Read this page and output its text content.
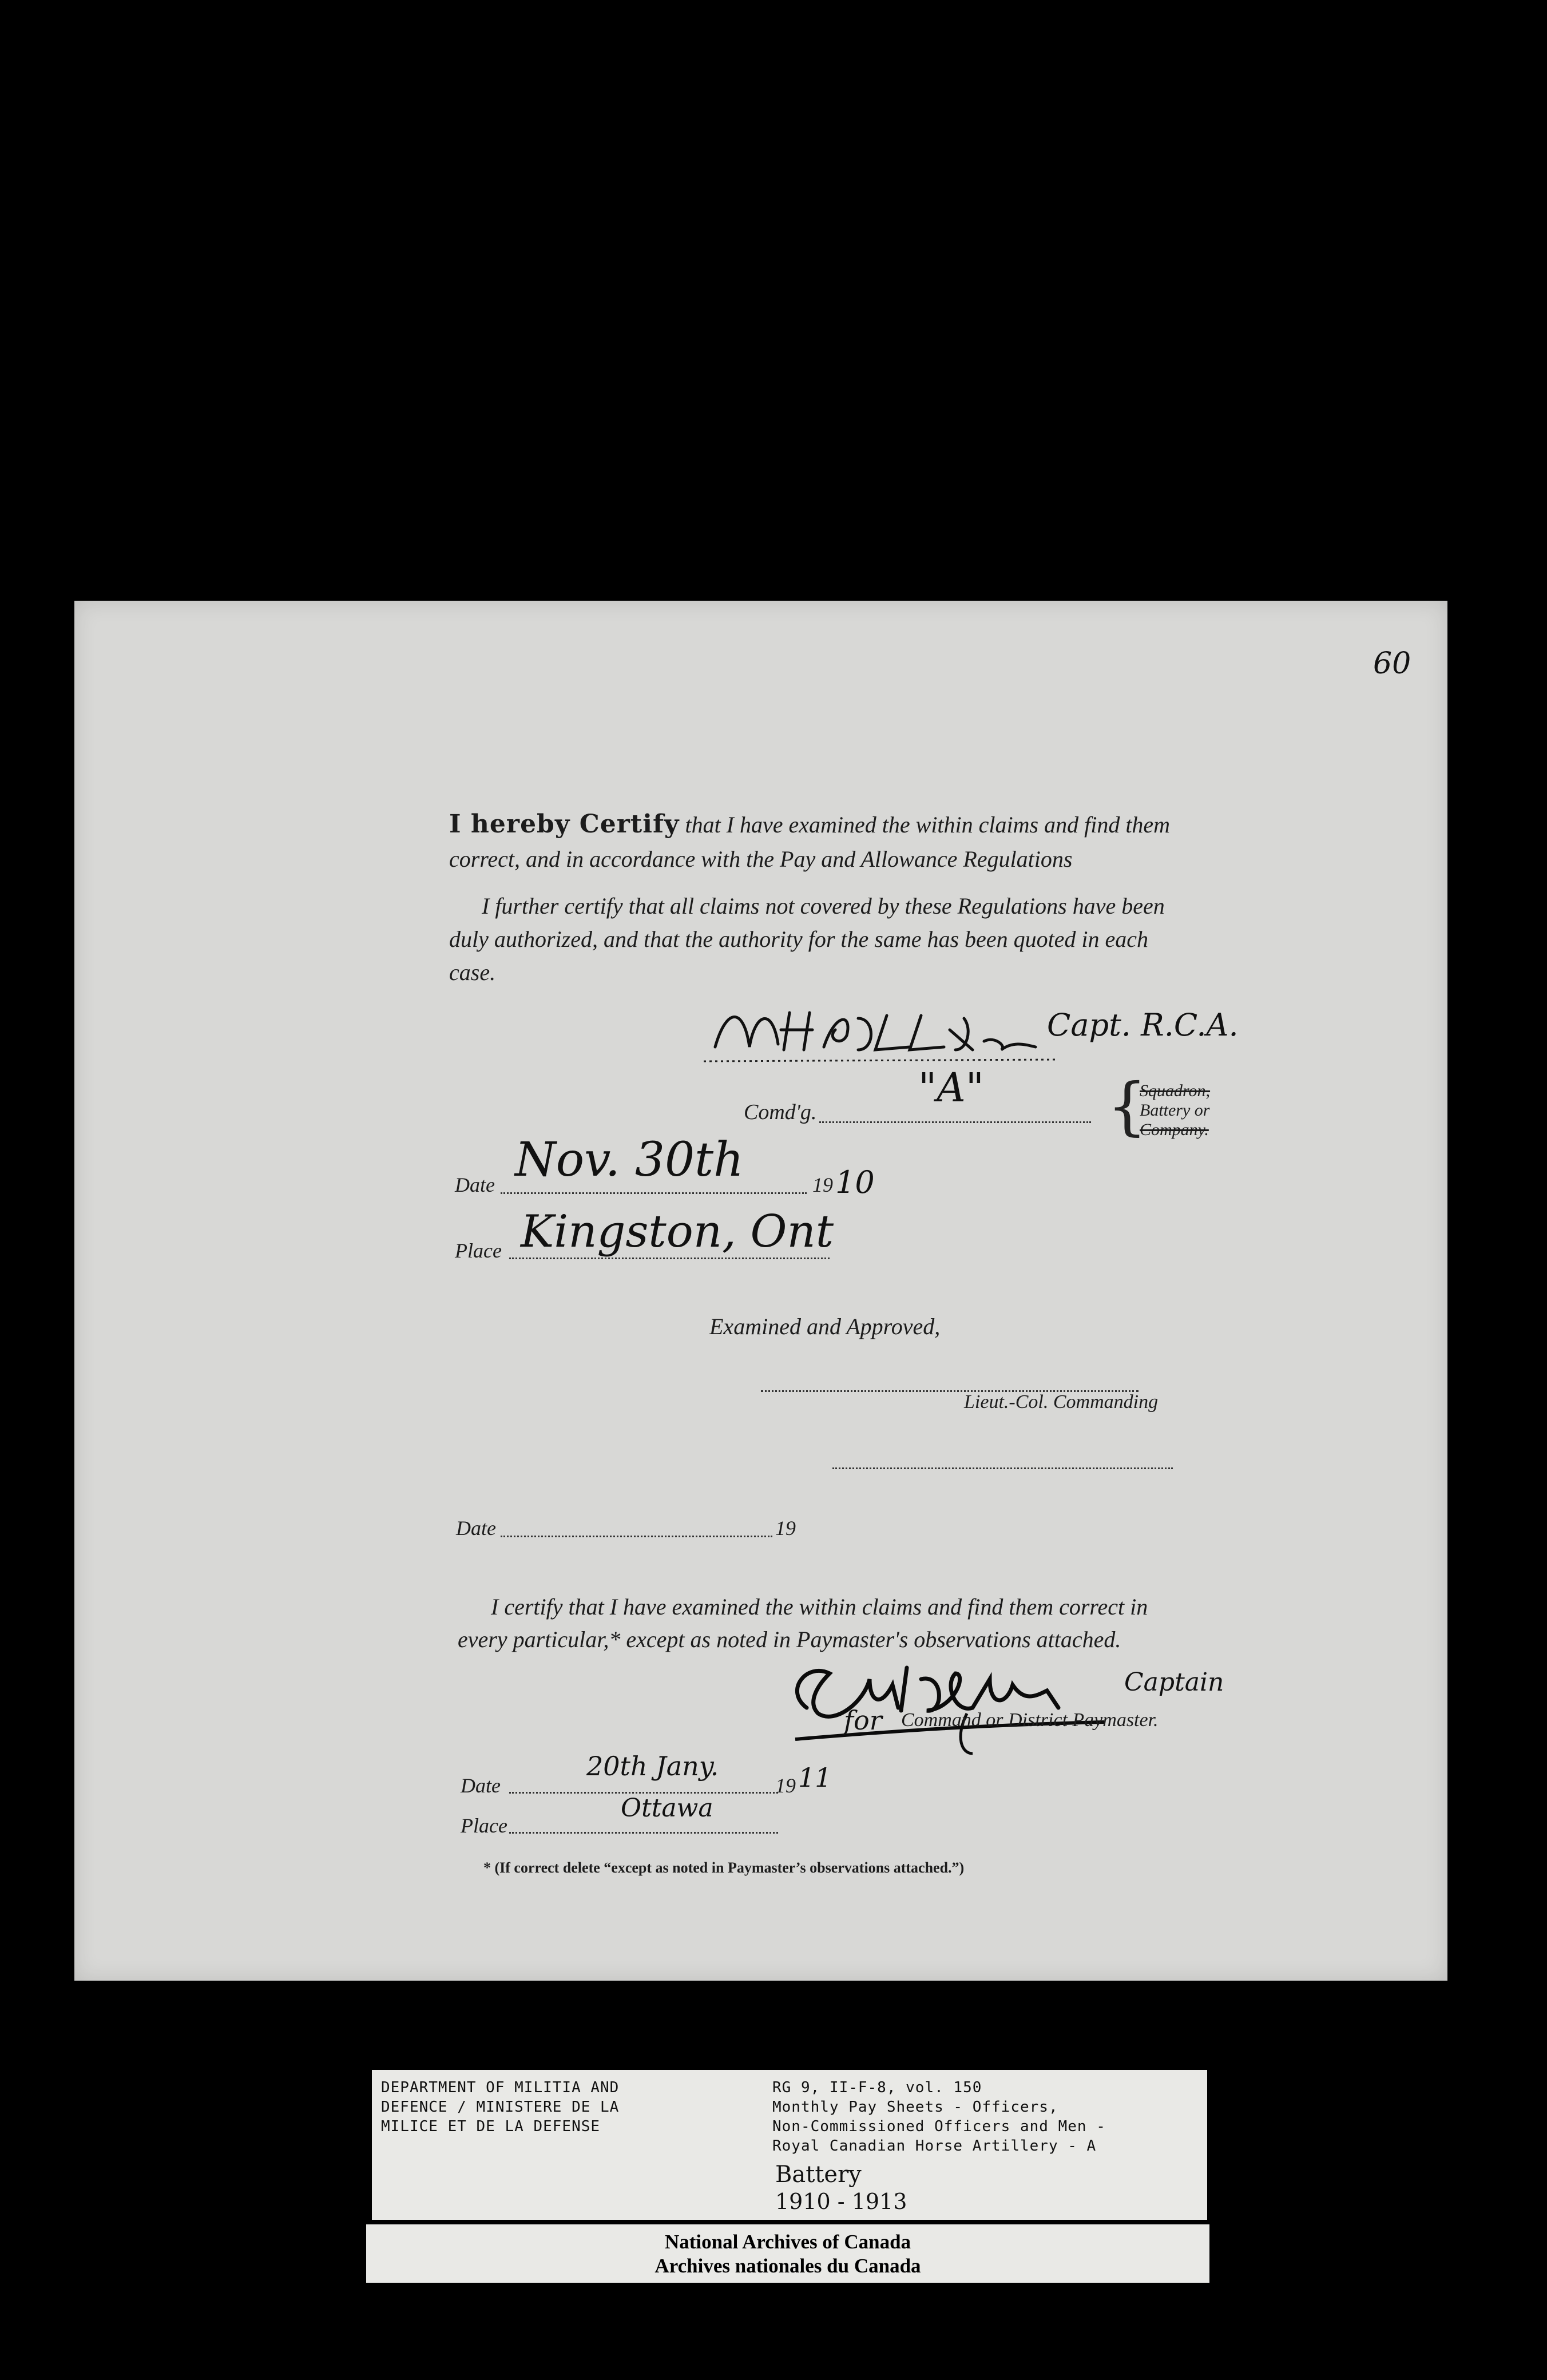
60
I hereby Certify that I have examined the within claims and find them
correct, and in accordance with the Pay and Allowance Regulations
I further certify that all claims not covered by these Regulations have been
duly authorized, and that the authority for the same has been quoted in each
case.
Capt. R.C.A.
Comd'g.
"A" {
Squadron,
Battery or
Company.
Date Nov. 30th	19 10
Place Kingston, Ont
Examined and Approved,
Lieut.-Col. Commanding
Date	19
I certify that I have examined the within claims and find them correct in
every particular,* except as noted in Paymaster's observations attached.
Captain
for Command or District Paymaster.
Date
20th Jany.
19 11
Place
Ottawa
* (If correct delete “except as noted in Paymaster’s observations attached.”)
DEPARTMENT OF MILITIA AND
DEFENCE / MINISTERE DE LA
MILICE ET DE LA DEFENSE
RG 9, II-F-8, vol. 150
Monthly Pay Sheets - Officers,
Non-Commissioned Officers and Men -
Royal Canadian Horse Artillery - A
Battery
1910 - 1913
National Archives of Canada
Archives nationales du Canada
